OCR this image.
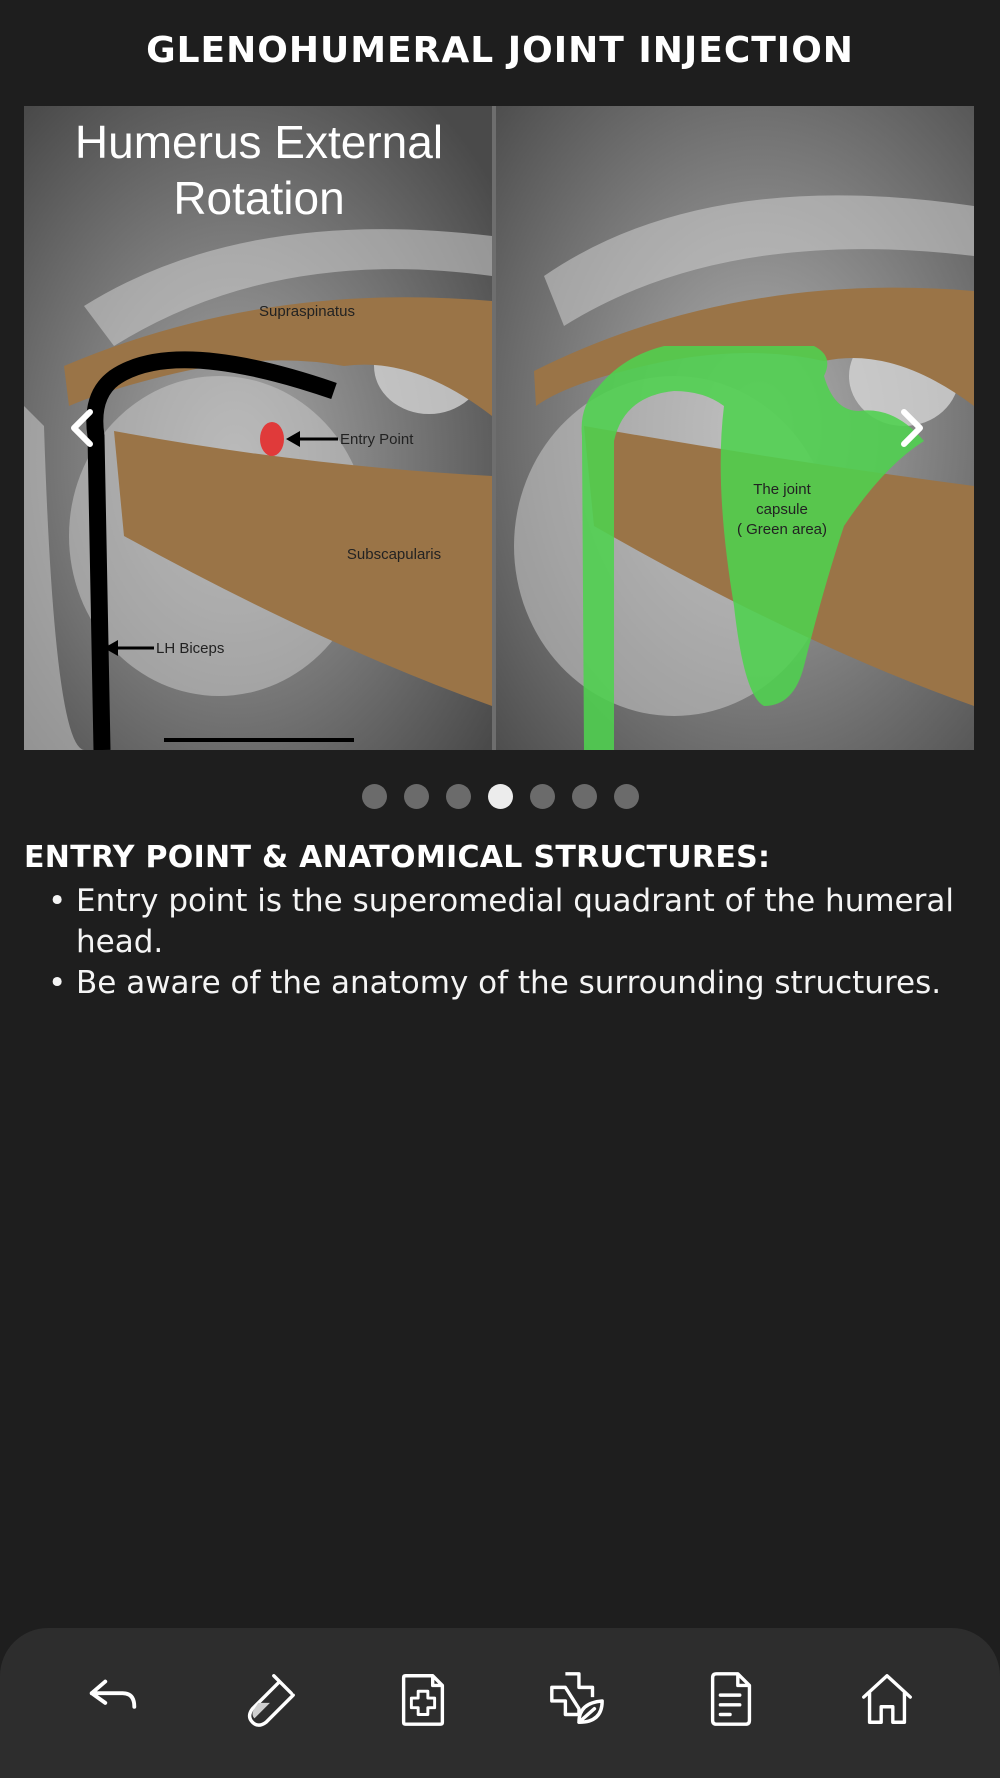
GLENOHUMERAL JOINT INJECTION
Humerus External
Rotation
Supraspinatus
Entry Point
Subscapularis
LH Biceps
The joint
capsule
( Green area)
ENTRY POINT & ANATOMICAL STRUCTURES:
• Entry point is the superomedial quadrant of the humeral head.
• Be aware of the anatomy of the surrounding structures.
